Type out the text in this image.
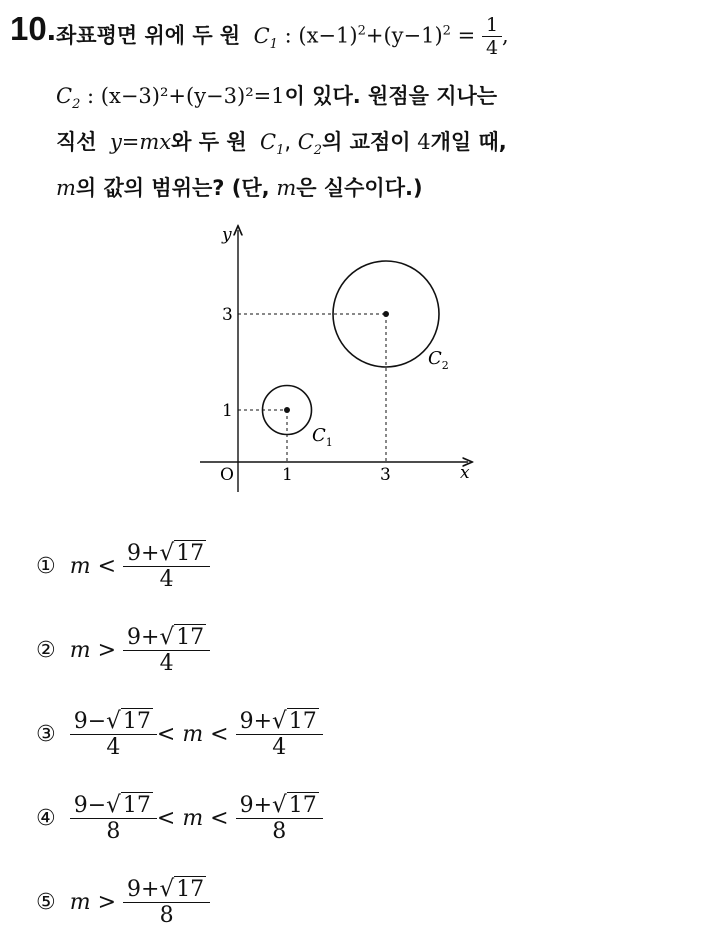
10. 좌표평면 위에 두 원 $C_1$ : $(x-1)^2+(y-1)^2 = \frac{1}{4}$ ,
$C_2$ : (x−3)²+(y−3)²=1이 있다. 원점을 지나는
직선 y=mx와 두 원 $C_1$, $C_2$의 교점이 4개일 때,
m의 값의 범위는? (단, m은 실수이다.)
y
x
O	1	3
1
3
$C_1$
$C_2$
① m <
$\frac{9+√17}{4}$
② m >
$\frac{9+√17}{4}$
③ $\frac{9-√17}{4} < m$ <
$\frac{9+√17}{4}$
④ $\frac{9-√17}{8} < m$ <
$\frac{9+√17}{8}$
⑤ m >
$\frac{9+√17}{8}$
